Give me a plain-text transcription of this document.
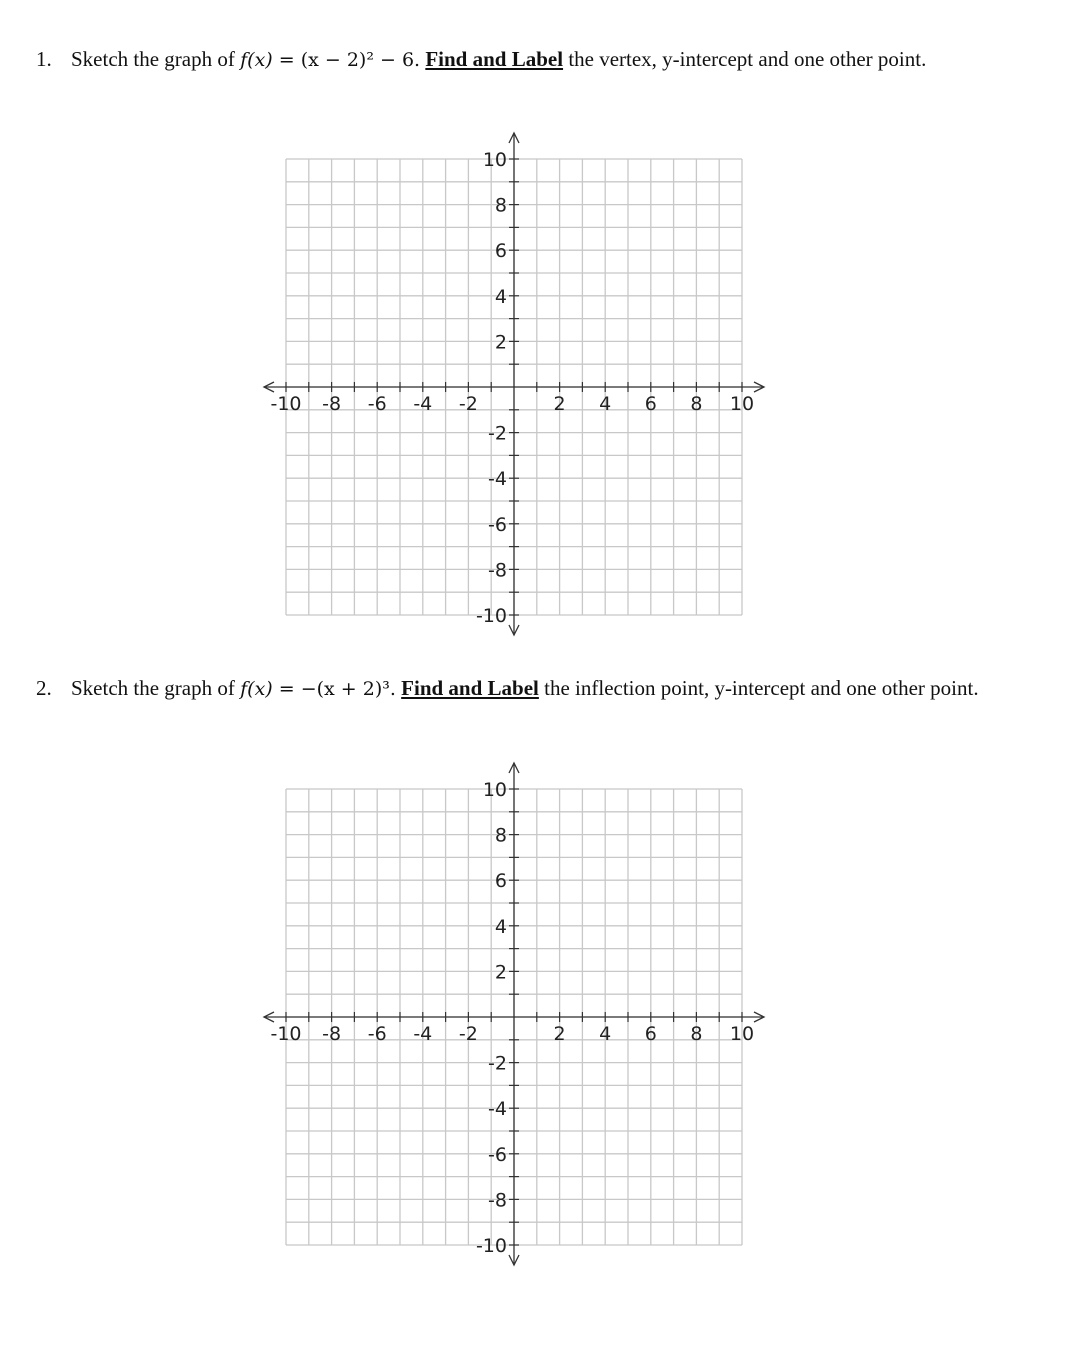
1. Sketch the graph of f(x) = (x − 2)² − 6. Find and Label the vertex, y-intercept and one other point.
-10 -8 -6 -4 -2	2 4 6 8 10
10
8
6
4
2
-2
-4
-6
-8
-10
2. Sketch the graph of f(x) = −(x + 2)³. Find and Label the inflection point, y-intercept and one other point.
-10 -8 -6 -4 -2	2 4 6 8 10
10
8
6
4
2
-2
-4
-6
-8
-10
